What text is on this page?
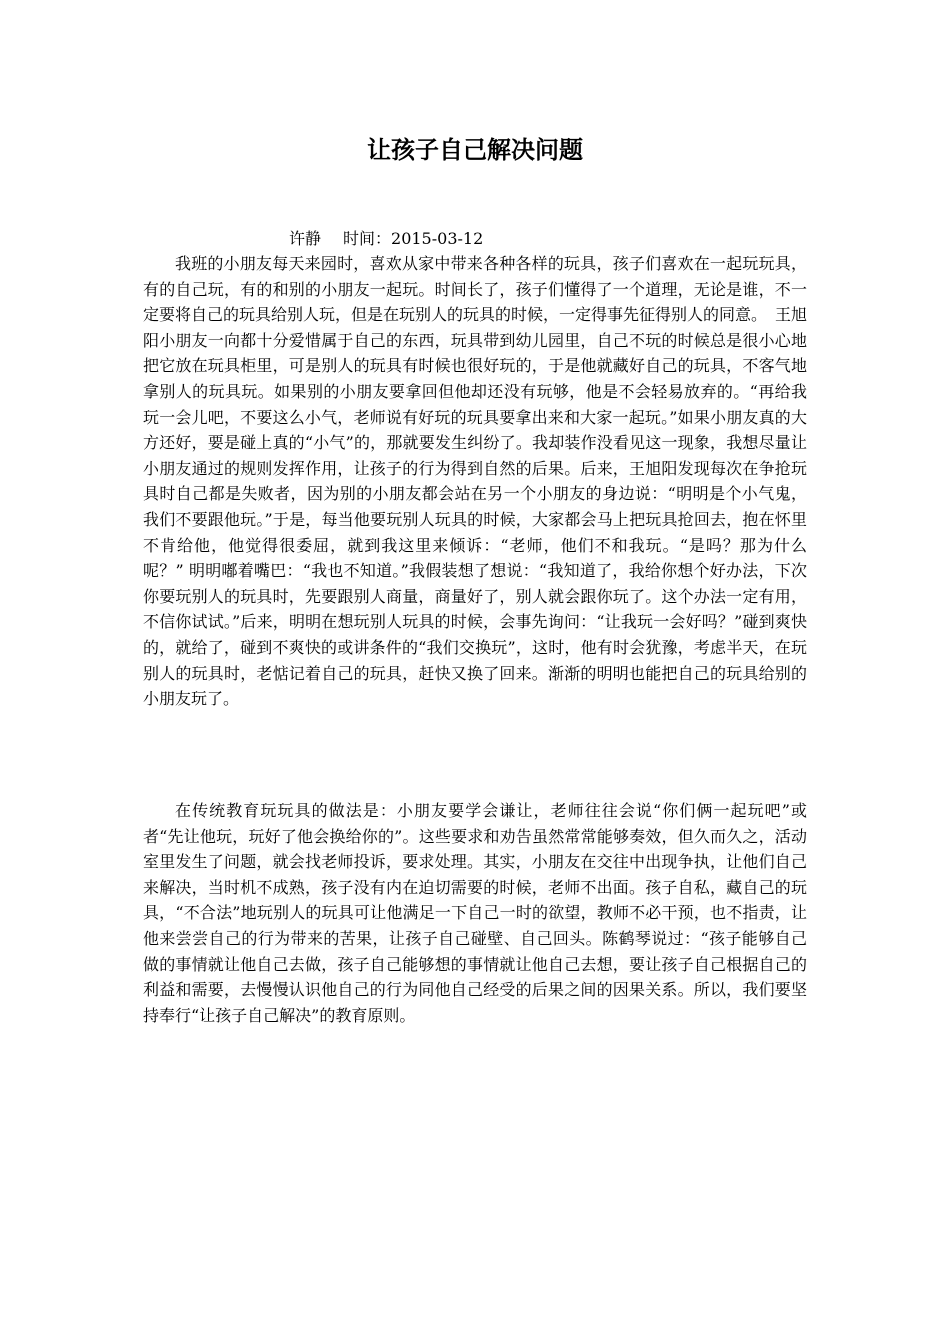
让孩子自己解决问题
许静 时间：2015-03-12

我班的小朋友每天来园时，喜欢从家中带来各种各样的玩具，孩子们喜欢在一起玩玩具，有的自己玩，有的和别的小朋友一起玩。时间长了，孩子们懂得了一个道理，无论是谁，不一定要将自己的玩具给别人玩，但是在玩别人的玩具的时候，一定得事先征得别人的同意。　王旭阳小朋友一向都十分爱惜属于自己的东西，玩具带到幼儿园里，自己不玩的时候总是很小心地把它放在玩具柜里，可是别人的玩具有时候也很好玩的，于是他就藏好自己的玩具，不客气地拿别人的玩具玩。如果别的小朋友要拿回但他却还没有玩够，他是不会轻易放弃的。“再给我玩一会儿吧，不要这么小气，老师说有好玩的玩具要拿出来和大家一起玩。”如果小朋友真的大方还好，要是碰上真的“小气”的，那就要发生纠纷了。我却装作没看见这一现象，我想尽量让小朋友通过的规则发挥作用，让孩子的行为得到自然的后果。后来，王旭阳发现每次在争抢玩具时自己都是失败者，因为别的小朋友都会站在另一个小朋友的身边说：“明明是个小气鬼，我们不要跟他玩。”于是，每当他要玩别人玩具的时候，大家都会马上把玩具抢回去，抱在怀里不肯给他，他觉得很委屈，就到我这里来倾诉：“老师，他们不和我玩。“是吗？那为什么呢？” 明明嘟着嘴巴：“我也不知道。”我假装想了想说：“我知道了，我给你想个好办法，下次你要玩别人的玩具时，先要跟别人商量，商量好了，别人就会跟你玩了。这个办法一定有用，不信你试试。”后来，明明在想玩别人玩具的时候，会事先询问：“让我玩一会好吗？”碰到爽快的，就给了，碰到不爽快的或讲条件的“我们交换玩”，这时，他有时会犹豫，考虑半天，在玩别人的玩具时，老惦记着自己的玩具，赶快又换了回来。渐渐的明明也能把自己的玩具给别的小朋友玩了。

在传统教育玩玩具的做法是：小朋友要学会谦让，老师往往会说“你们俩一起玩吧”或者“先让他玩，玩好了他会换给你的”。这些要求和劝告虽然常常能够奏效，但久而久之，活动室里发生了问题，就会找老师投诉，要求处理。其实，小朋友在交往中出现争执，让他们自己来解决，当时机不成熟，孩子没有内在迫切需要的时候，老师不出面。孩子自私，藏自己的玩具，“不合法”地玩别人的玩具可让他满足一下自己一时的欲望，教师不必干预，也不指责，让他来尝尝自己的行为带来的苦果，让孩子自己碰壁、自己回头。陈鹤琴说过：“孩子能够自己做的事情就让他自己去做，孩子自己能够想的事情就让他自己去想，要让孩子自己根据自己的利益和需要，去慢慢认识他自己的行为同他自己经受的后果之间的因果关系。所以，我们要坚持奉行“让孩子自己解决”的教育原则。
